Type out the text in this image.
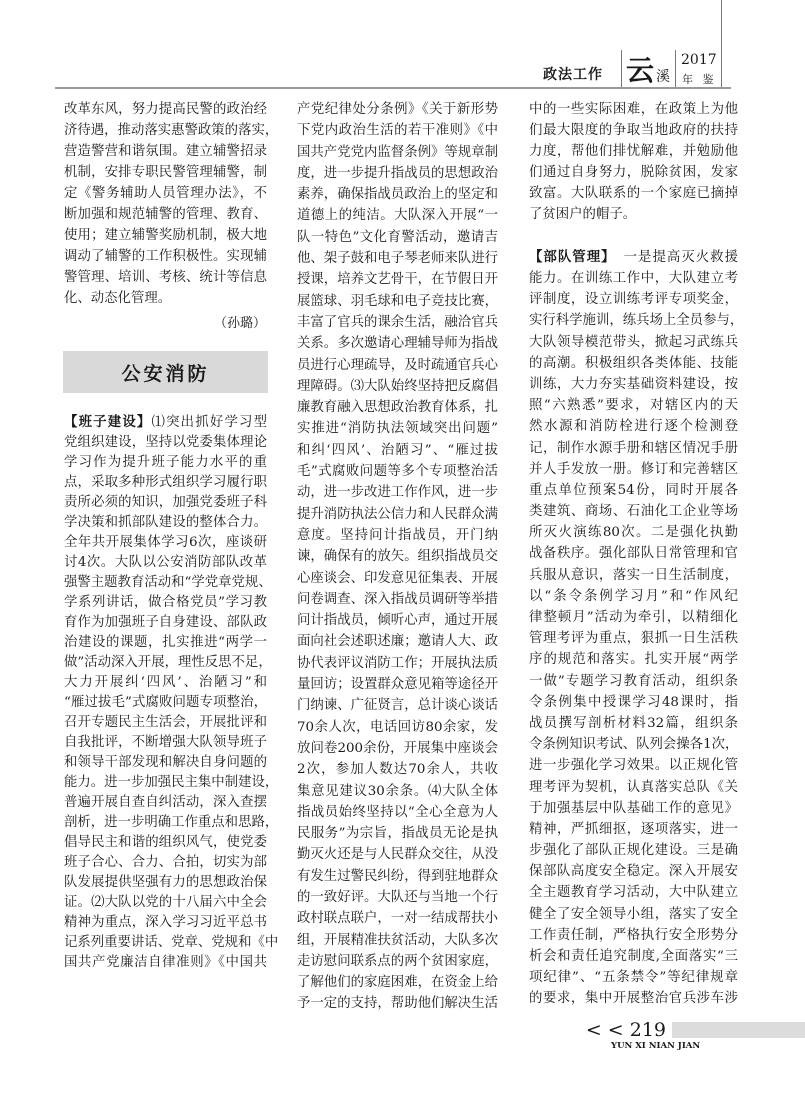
政法工作 云 溪
2017
年 鉴
改革东风，努力提高民警的政治经
济待遇，推动落实惠警政策的落实，
营造警营和谐氛围。建立辅警招录
机制，安排专职民警管理辅警，制
定《警务辅助人员管理办法》，不
断加强和规范辅警的管理、教育、
使用；建立辅警奖励机制，极大地
调动了辅警的工作积极性。实现辅
警管理、培训、考核、统计等信息
化、动态化管理。
（孙璐）
公安消防
【班子建设】⑴突出抓好学习型
党组织建设，坚持以党委集体理论
学习作为提升班子能力水平的重
点，采取多种形式组织学习履行职
责所必须的知识，加强党委班子科
学决策和抓部队建设的整体合力。
全年共开展集体学习6次，座谈研
讨4次。大队以公安消防部队改革
强警主题教育活动和“学党章党规、
学系列讲话，做合格党员”学习教
育作为加强班子自身建设、部队政
治建设的课题，扎实推进“两学一
做”活动深入开展，理性反思不足，
大力开展纠‘四风’、治陋习”和
“雁过拔毛”式腐败问题专项整治，
召开专题民主生活会，开展批评和
自我批评，不断增强大队领导班子
和领导干部发现和解决自身问题的
能力。进一步加强民主集中制建设，
普遍开展自查自纠活动，深入查摆
剖析，进一步明确工作重点和思路，
倡导民主和谐的组织风气，使党委
班子合心、合力、合拍，切实为部
队发展提供坚强有力的思想政治保
证。⑵大队以党的十八届六中全会
精神为重点，深入学习习近平总书
记系列重要讲话、党章、党规和《中
国共产党廉洁自律准则》《中国共
产党纪律处分条例》《关于新形势
下党内政治生活的若干准则》《中
国共产党党内监督条例》等规章制
度，进一步提升指战员的思想政治
素养，确保指战员政治上的坚定和
道德上的纯洁。大队深入开展“一
队一特色”文化育警活动，邀请吉
他、架子鼓和电子琴老师来队进行
授课，培养文艺骨干，在节假日开
展篮球、羽毛球和电子竞技比赛，
丰富了官兵的课余生活，融洽官兵
关系。多次邀请心理辅导师为指战
员进行心理疏导，及时疏通官兵心
理障碍。⑶大队始终坚持把反腐倡
廉教育融入思想政治教育体系，扎
实推进“消防执法领域突出问题”
和纠‘四风’、治陋习”、“雁过拔
毛”式腐败问题等多个专项整治活
动，进一步改进工作作风，进一步
提升消防执法公信力和人民群众满
意度。坚持问计指战员，开门纳
谏，确保有的放矢。组织指战员交
心座谈会、印发意见征集表、开展
问卷调查、深入指战员调研等举措
问计指战员，倾听心声，通过开展
面向社会述职述廉；邀请人大、政
协代表评议消防工作；开展执法质
量回访；设置群众意见箱等途径开
门纳谏、广征贤言，总计谈心谈话
70余人次，电话回访80余家，发
放问卷200余份，开展集中座谈会
2次，参加人数达70余人，共收
集意见建议30余条。⑷大队全体
指战员始终坚持以“全心全意为人
民服务”为宗旨，指战员无论是执
勤灭火还是与人民群众交往，从没
有发生过警民纠纷，得到驻地群众
的一致好评。大队还与当地一个行
政村联点联户，一对一结成帮扶小
组，开展精准扶贫活动，大队多次
走访慰问联系点的两个贫困家庭，
了解他们的家庭困难，在资金上给
予一定的支持，帮助他们解决生活
中的一些实际困难，在政策上为他
们最大限度的争取当地政府的扶持
力度，帮他们排忧解难，并勉励他
们通过自身努力，脱除贫困，发家
致富。大队联系的一个家庭已摘掉
了贫困户的帽子。
【部队管理】 一是提高灭火救援
能力。在训练工作中，大队建立考
评制度，设立训练考评专项奖金，
实行科学施训，练兵场上全员参与，
大队领导模范带头，掀起习武练兵
的高潮。积极组织各类体能、技能
训练，大力夯实基础资料建设，按
照“六熟悉”要求，对辖区内的天
然水源和消防栓进行逐个检测登
记，制作水源手册和辖区情况手册
并人手发放一册。修订和完善辖区
重点单位预案54份，同时开展各
类建筑、商场、石油化工企业等场
所灭火演练80次。二是强化执勤
战备秩序。强化部队日常管理和官
兵服从意识，落实一日生活制度，
以“条令条例学习月”和“作风纪
律整顿月”活动为牵引，以精细化
管理考评为重点，狠抓一日生活秩
序的规范和落实。扎实开展“两学
一做”专题学习教育活动，组织条
令条例集中授课学习48课时，指
战员撰写剖析材料32篇，组织条
令条例知识考试、队列会操各1次，
进一步强化学习效果。以正规化管
理考评为契机，认真落实总队《关
于加强基层中队基础工作的意见》
精神，严抓细抠，逐项落实，进一
步强化了部队正规化建设。三是确
保部队高度安全稳定。深入开展安
全主题教育学习活动，大中队建立
健全了安全领导小组，落实了安全
工作责任制，严格执行安全形势分
析会和责任追究制度,全面落实“三
项纪律”、“五条禁令”等纪律规章
的要求，集中开展整治官兵涉车涉
< < 219
YUN XI NIAN JIAN
